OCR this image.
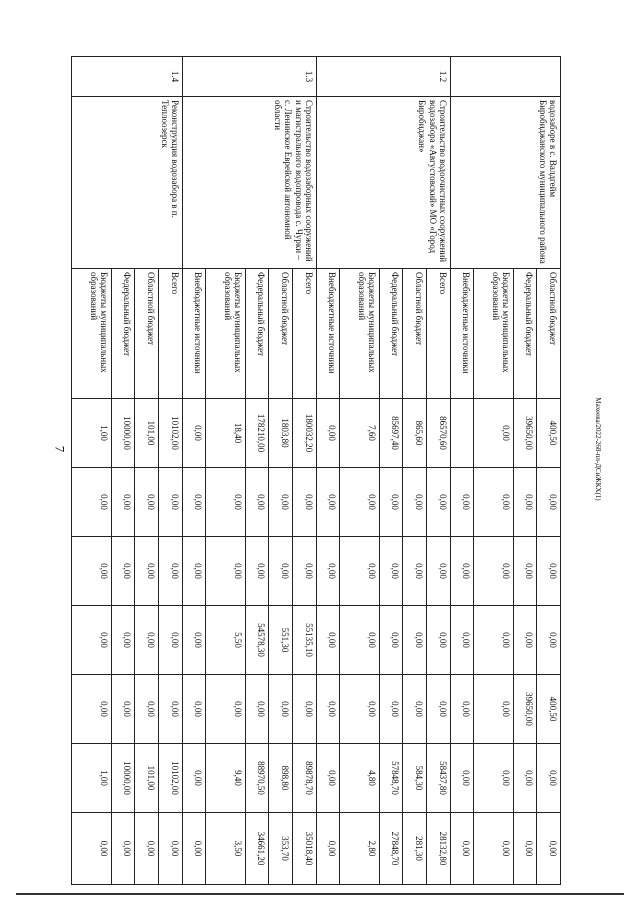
7
	водозаборе в с. Валдгейм Биробиджанского муниципального района	Областной бюджет	400,50	0,00	0,00	0,00	400,50	0,00	0,00
		Федеральный бюджет	39650,00	0,00	0,00	0,00	39650,00	0,00	0,00
		Бюджеты муниципальных образований	0,00	0,00	0,00	0,00	0,00	0,00	0,00
		Внебюджетные источники		0,00	0,00	0,00	0,00	0,00	0,00
1.2	Строительство водоочистных сооружений водозабора «Августовский» МО «Город Биробиджан»	Всего	86570,60	0,00	0,00	0,00	0,00	58437,80	28132,80
		Областной бюджет	865,60	0,00	0,00	0,00	0,00	584,30	281,30
		Федеральный бюджет	85697,40	0,00	0,00	0,00	0,00	57848,70	27848,70
		Бюджеты муниципальных образований	7,60	0,00	0,00	0,00	0,00	4,80	2,80
		Внебюджетные источники	0,00	0,00	0,00	0,00	0,00	0,00	0,00
1.3	Строительство водозаборных сооружений и магистрального водопровода с. Чурки – с. Ленинское Еврейской автономной области	Всего	180032,20	0,00	0,00	55135,10	0,00	89878,70	35018,40
		Областной бюджет	1803,80	0,00	0,00	551,30	0,00	898,80	353,70
		Федеральный бюджет	178210,00	0,00	0,00	54578,30	0,00	88970,50	34661,20
		Бюджеты муниципальных образований	18,40	0,00	0,00	5,50	0,00	9,40	3,50
		Внебюджетные источники	0,00	0,00	0,00	0,00	0,00	0,00	0,00
1.4	Реконструкция водозабора в п. Теплоозерск	Всего	10102,00	0,00	0,00	0,00	0,00	10102,00	0,00
		Областной бюджет	101,00	0,00	0,00	0,00	0,00	101,00	0,00
		Федеральный бюджет	10000,00	0,00	0,00	0,00	0,00	10000,00	0,00
		Бюджеты муниципальных образований	1,00	0,00	0,00	0,00	0,00	1,00	0,00
Махеева/2022-268-пл-ДСиЖКХ(1)
